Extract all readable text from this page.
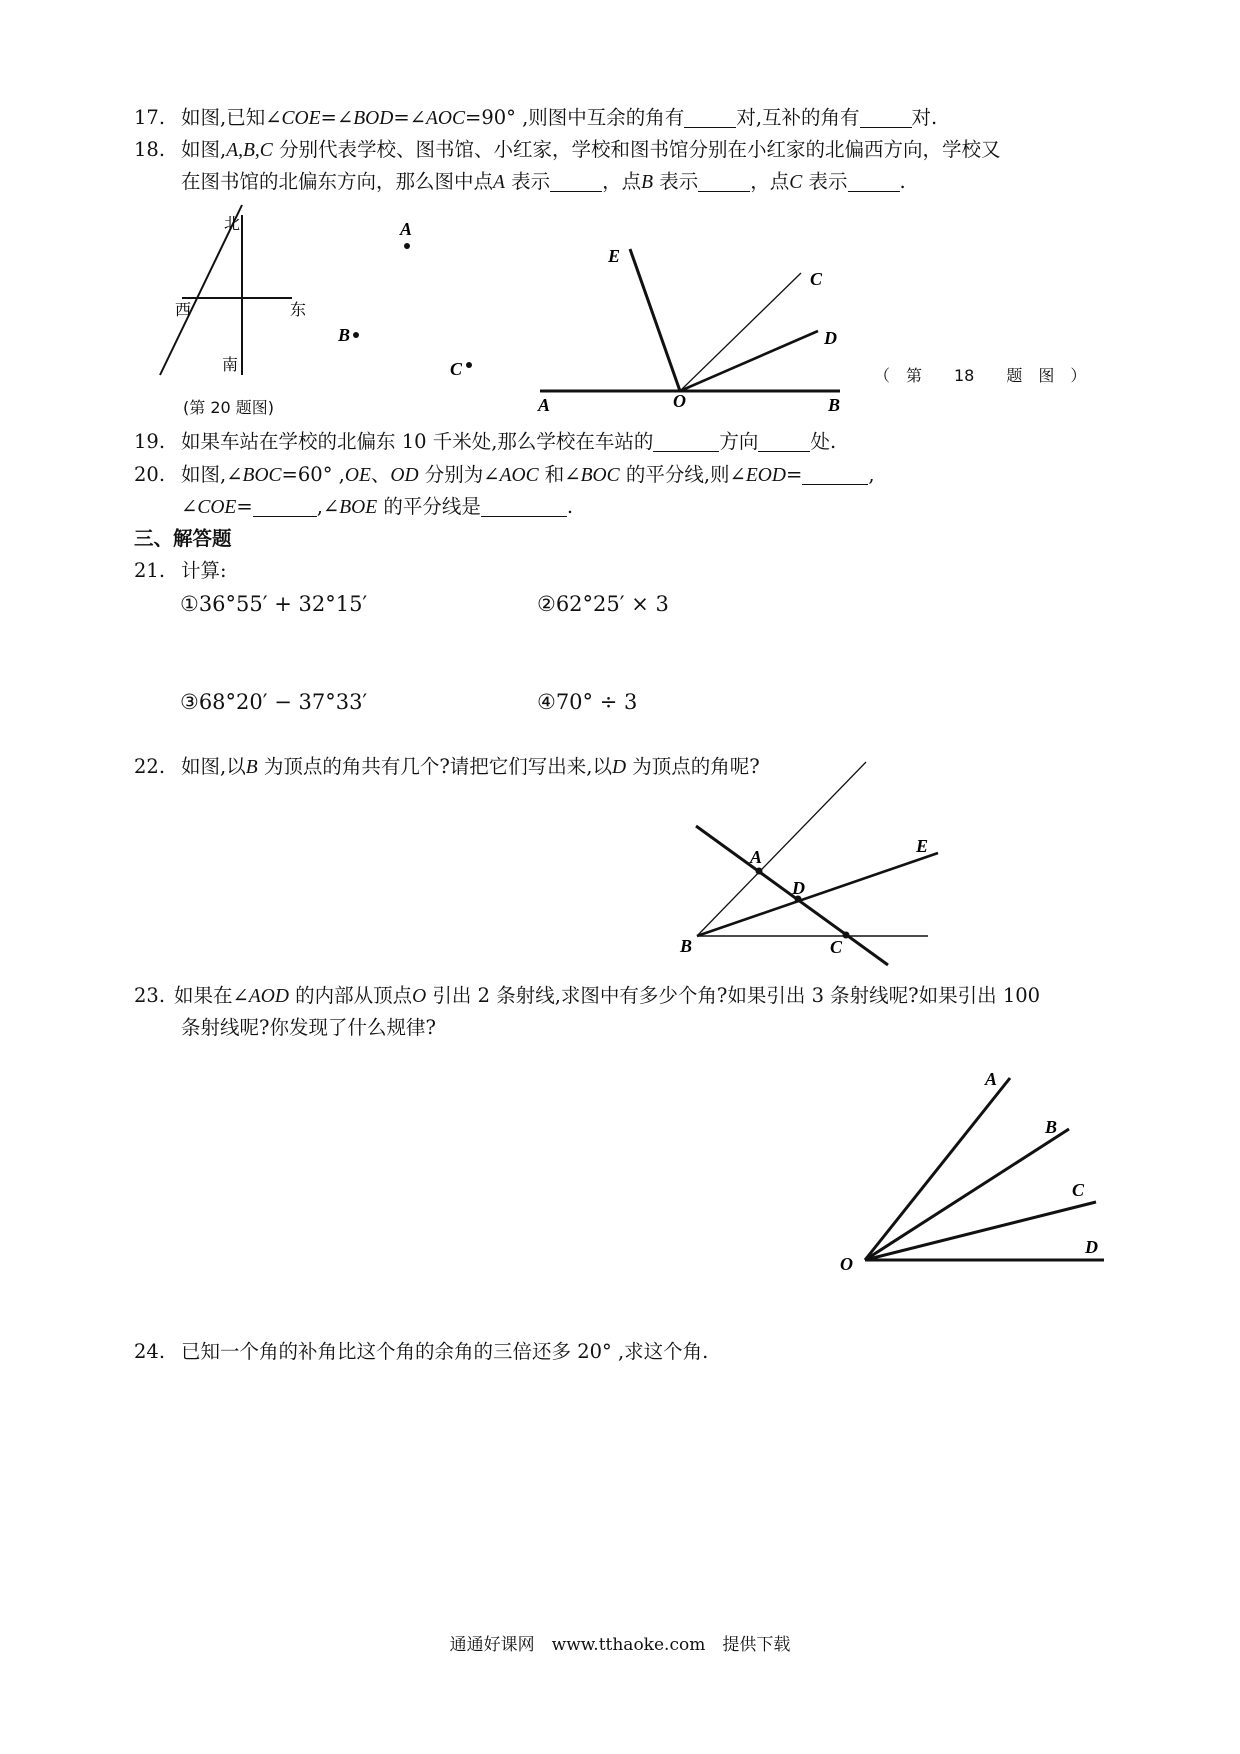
17. 如图,已知∠COE=∠BOD=∠AOC=90° ,则图中互余的角有	对,互补的角有	对.
18. 如图,A,B,C 分别代表学校、图书馆、小红家，学校和图书馆分别在小红家的北偏西方向，学校又
在图书馆的北偏东方向，那么图中点A 表示	，点B 表示	，点C 表示	.
北
南
西	东
A
B
C
(第 20 题图)
E
C
D
A	O	B
（　第　　18　　题　图　）
19. 如果车站在学校的北偏东 10 千米处,那么学校在车站的	方向	处.
20. 如图,∠BOC=60° ,OE、OD 分别为∠AOC 和∠BOC 的平分线,则∠EOD=	,
∠COE=	,∠BOE 的平分线是	.
三、解答题
21. 计算:
①36°55′ + 32°15′	②62°25′ × 3
③68°20′ − 37°33′	④70° ÷ 3
22. 如图,以B 为顶点的角共有几个?请把它们写出来,以D 为顶点的角呢?
A
D
E
B	C
23. 如果在∠AOD 的内部从顶点O 引出 2 条射线,求图中有多少个角?如果引出 3 条射线呢?如果引出 100
条射线呢?你发现了什么规律?
A
B
C
D
O
24. 已知一个角的补角比这个角的余角的三倍还多 20° ,求这个角.
通通好课网　www.tthaoke.com　提供下载
